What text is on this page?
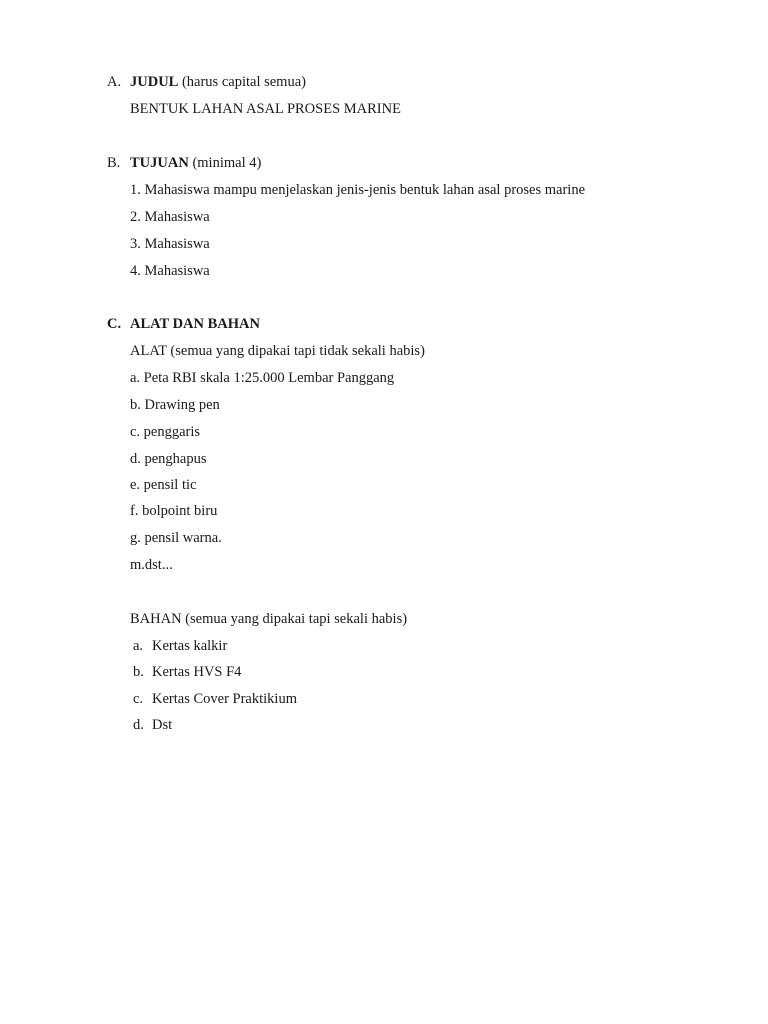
A. JUDUL (harus capital semua)
BENTUK LAHAN ASAL PROSES MARINE
B. TUJUAN (minimal 4)
1. Mahasiswa mampu menjelaskan jenis-jenis bentuk lahan asal proses marine
2. Mahasiswa
3. Mahasiswa
4. Mahasiswa
C. ALAT DAN BAHAN
ALAT (semua yang dipakai tapi tidak sekali habis)
a. Peta RBI skala 1:25.000 Lembar Panggang
b. Drawing pen
c. penggaris
d. penghapus
e. pensil tic
f. bolpoint biru
g. pensil warna.
m.dst...
BAHAN (semua yang dipakai tapi sekali habis)
a. Kertas kalkir
b. Kertas HVS F4
c. Kertas Cover Praktikium
d. Dst
